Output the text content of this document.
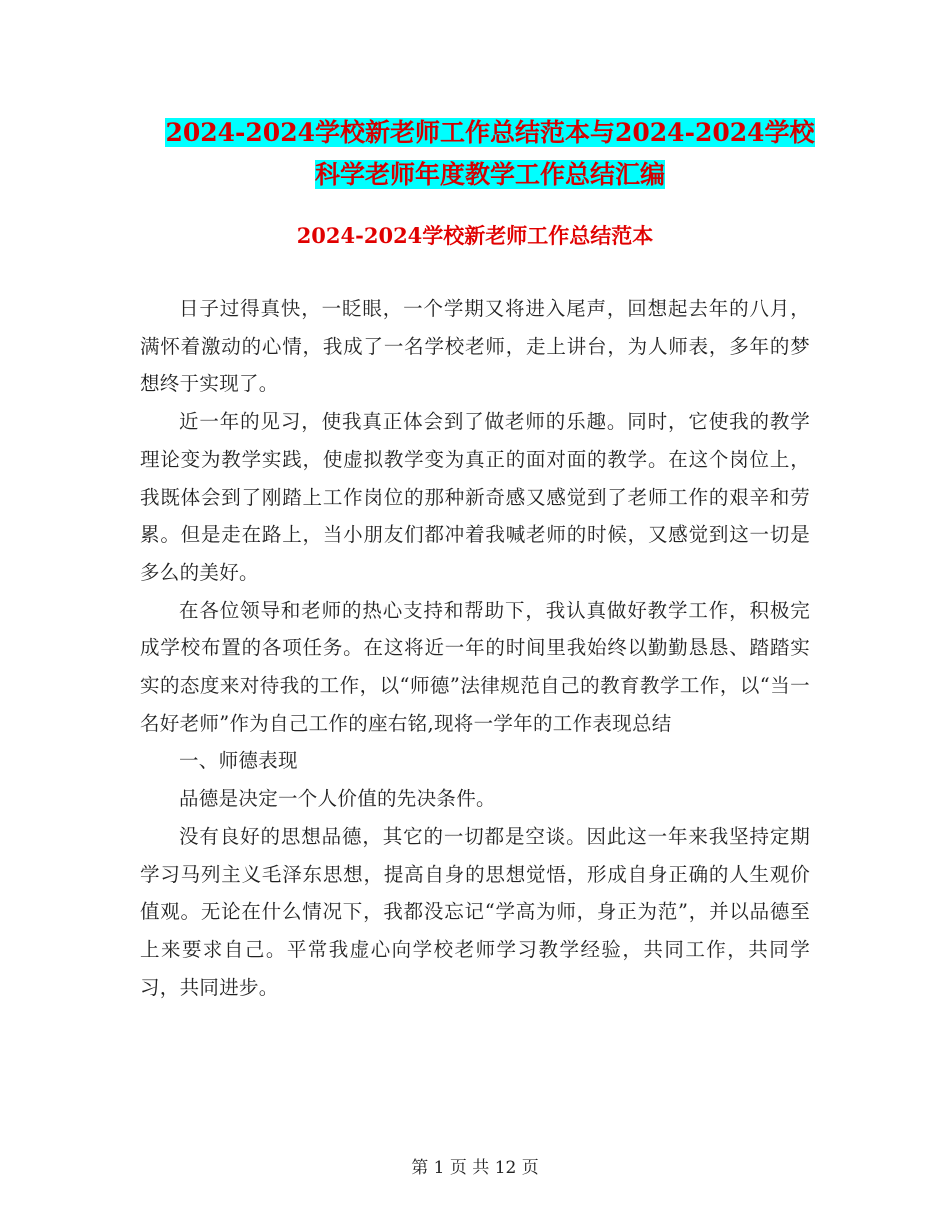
2024-2024学校新老师工作总结范本与2024-2024学校
科学老师年度教学工作总结汇编
2024-2024学校新老师工作总结范本

日子过得真快，一眨眼，一个学期又将进入尾声，回想起去年的八月，满怀着激动的心情，我成了一名学校老师，走上讲台，为人师表，多年的梦想终于实现了。

近一年的见习，使我真正体会到了做老师的乐趣。同时，它使我的教学理论变为教学实践，使虚拟教学变为真正的面对面的教学。在这个岗位上，我既体会到了刚踏上工作岗位的那种新奇感又感觉到了老师工作的艰辛和劳累。但是走在路上，当小朋友们都冲着我喊老师的时候，又感觉到这一切是多么的美好。

在各位领导和老师的热心支持和帮助下，我认真做好教学工作，积极完成学校布置的各项任务。在这将近一年的时间里我始终以勤勤恳恳、踏踏实实的态度来对待我的工作，以“师德”法律规范自己的教育教学工作，以“当一名好老师”作为自己工作的座右铭,现将一学年的工作表现总结

一、师德表现

品德是决定一个人价值的先决条件。

没有良好的思想品德，其它的一切都是空谈。因此这一年来我坚持定期学习马列主义毛泽东思想，提高自身的思想觉悟，形成自身正确的人生观价值观。无论在什么情况下，我都没忘记“学高为师，身正为范”，并以品德至上来要求自己。平常我虚心向学校老师学习教学经验，共同工作，共同学习，共同进步。

第 1 页 共 12 页
